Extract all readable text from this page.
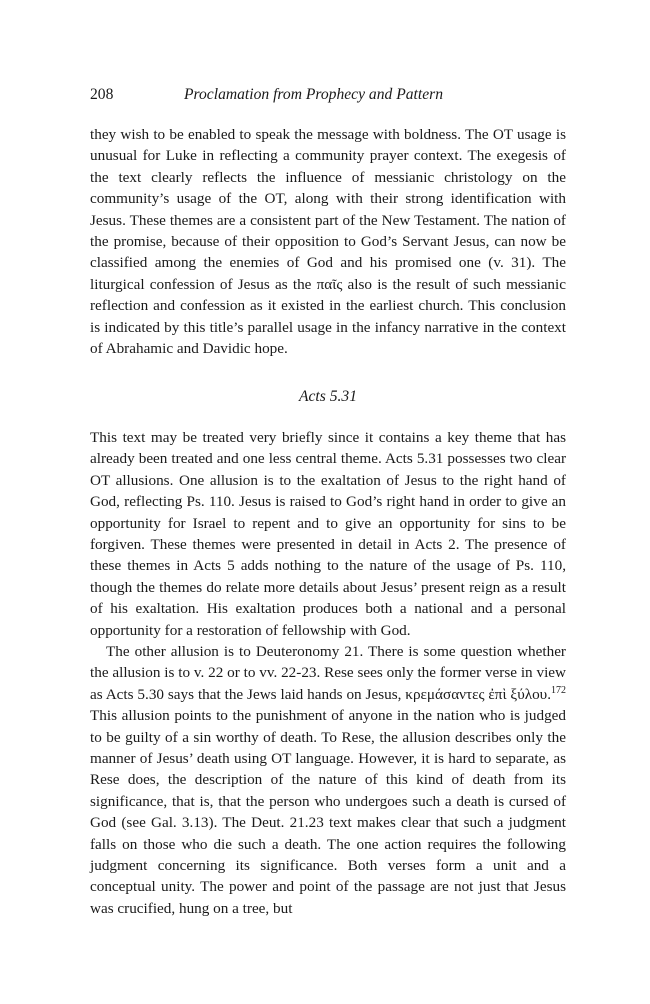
208	Proclamation from Prophecy and Pattern

they wish to be enabled to speak the message with boldness. The OT usage is unusual for Luke in reflecting a community prayer context. The exegesis of the text clearly reflects the influence of messianic christology on the community’s usage of the OT, along with their strong identification with Jesus. These themes are a consistent part of the New Testament. The nation of the promise, because of their opposition to God’s Servant Jesus, can now be classified among the enemies of God and his promised one (v. 31). The liturgical confession of Jesus as the παῖς also is the result of such messianic reflection and confession as it existed in the earliest church. This conclusion is indicated by this title’s parallel usage in the infancy narrative in the context of Abrahamic and Davidic hope.

Acts 5.31

This text may be treated very briefly since it contains a key theme that has already been treated and one less central theme. Acts 5.31 possesses two clear OT allusions. One allusion is to the exaltation of Jesus to the right hand of God, reflecting Ps. 110. Jesus is raised to God’s right hand in order to give an opportunity for Israel to repent and to give an opportunity for sins to be forgiven. These themes were presented in detail in Acts 2. The presence of these themes in Acts 5 adds nothing to the nature of the usage of Ps. 110, though the themes do relate more details about Jesus’ present reign as a result of his exaltation. His exaltation produces both a national and a personal opportunity for a restoration of fellowship with God.

The other allusion is to Deuteronomy 21. There is some question whether the allusion is to v. 22 or to vv. 22-23. Rese sees only the former verse in view as Acts 5.30 says that the Jews laid hands on Jesus, κρεμάσαντες ἐπὶ ξύλου.$^{172}$ This allusion points to the punishment of anyone in the nation who is judged to be guilty of a sin worthy of death. To Rese, the allusion describes only the manner of Jesus’ death using OT language. However, it is hard to separate, as Rese does, the description of the nature of this kind of death from its significance, that is, that the person who undergoes such a death is cursed of God (see Gal. 3.13). The Deut. 21.23 text makes clear that such a judgment falls on those who die such a death. The one action requires the following judgment concerning its significance. Both verses form a unit and a conceptual unity. The power and point of the passage are not just that Jesus was crucified, hung on a tree, but
